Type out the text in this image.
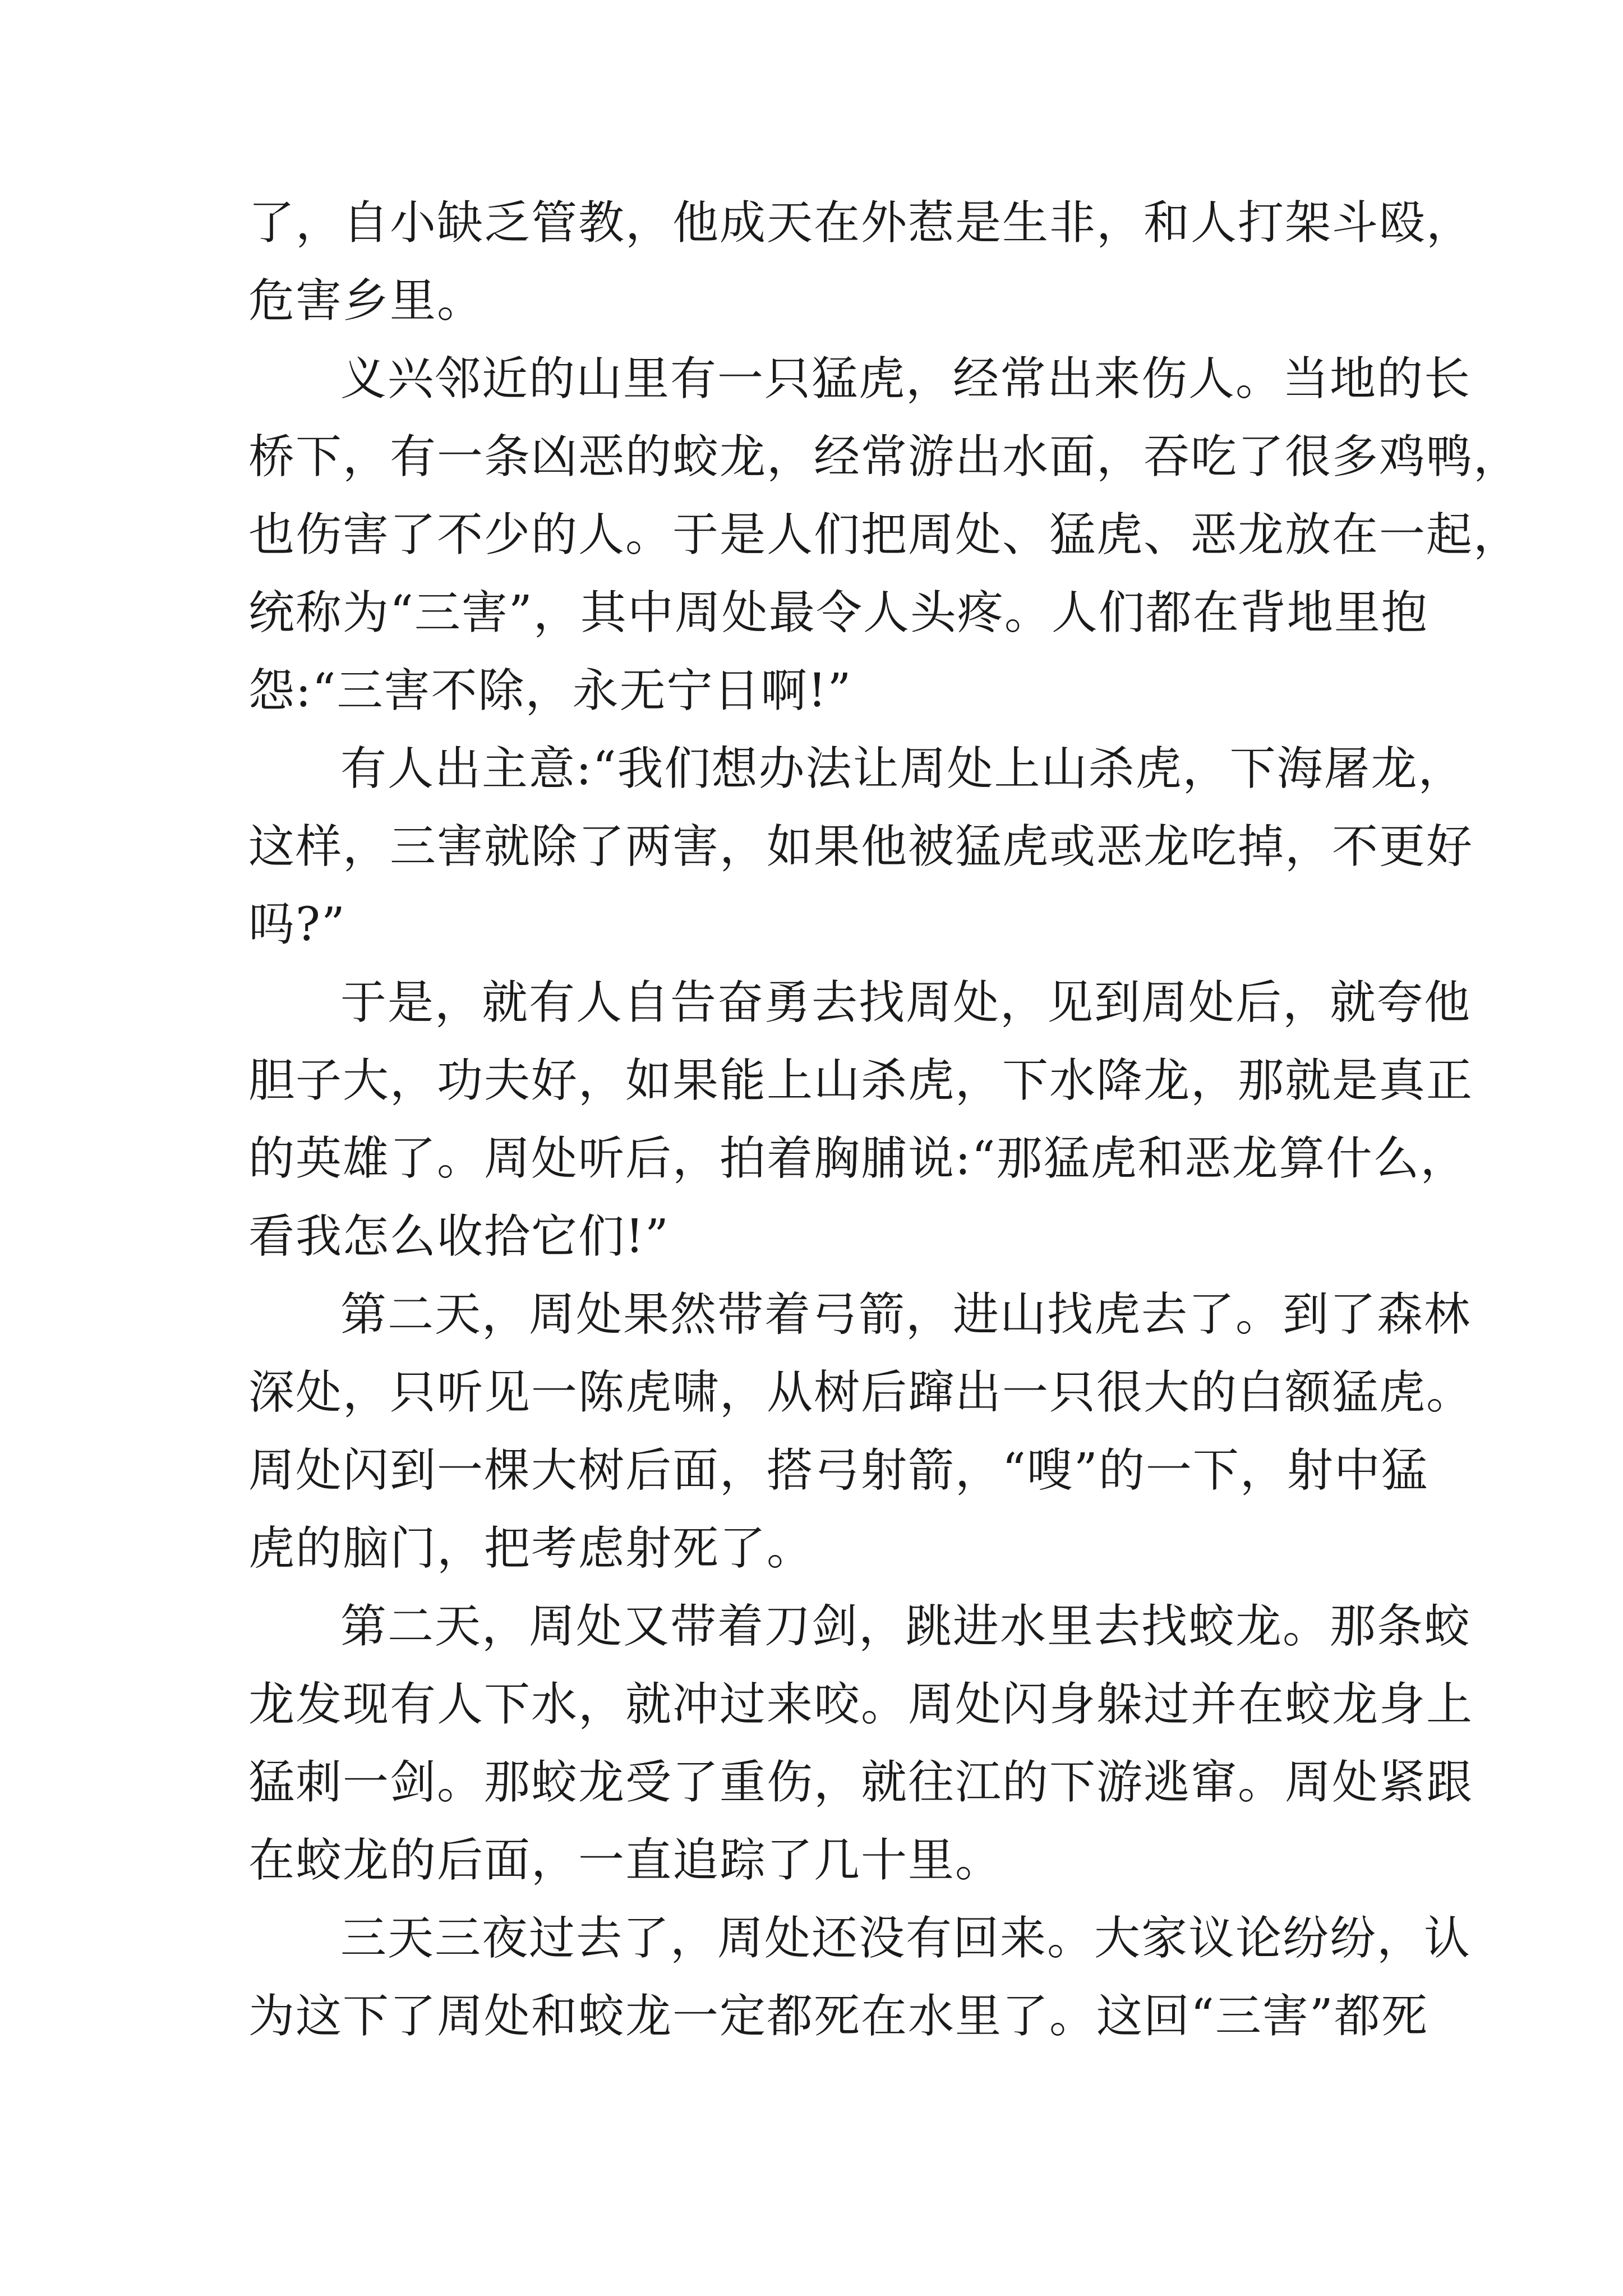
了，自小缺乏管教，他成天在外惹是生非，和人打架斗殴，
危害乡里。

义兴邻近的山里有一只猛虎，经常出来伤人。当地的长
桥下，有一条凶恶的蛟龙，经常游出水面，吞吃了很多鸡鸭，
也伤害了不少的人。于是人们把周处、猛虎、恶龙放在一起，
统称为“三害”，其中周处最令人头疼。人们都在背地里抱
怨:“三害不除，永无宁日啊!”

有人出主意:“我们想办法让周处上山杀虎，下海屠龙，
这样，三害就除了两害，如果他被猛虎或恶龙吃掉，不更好
吗?”

于是，就有人自告奋勇去找周处，见到周处后，就夸他
胆子大，功夫好，如果能上山杀虎，下水降龙，那就是真正
的英雄了。周处听后，拍着胸脯说:“那猛虎和恶龙算什么，
看我怎么收拾它们!”

第二天，周处果然带着弓箭，进山找虎去了。到了森林
深处，只听见一陈虎啸，从树后蹿出一只很大的白额猛虎。
周处闪到一棵大树后面，搭弓射箭，“嗖”的一下，射中猛
虎的脑门，把考虑射死了。

第二天，周处又带着刀剑，跳进水里去找蛟龙。那条蛟
龙发现有人下水，就冲过来咬。周处闪身躲过并在蛟龙身上
猛刺一剑。那蛟龙受了重伤，就往江的下游逃窜。周处紧跟
在蛟龙的后面，一直追踪了几十里。

三天三夜过去了，周处还没有回来。大家议论纷纷，认
为这下了周处和蛟龙一定都死在水里了。这回“三害”都死
